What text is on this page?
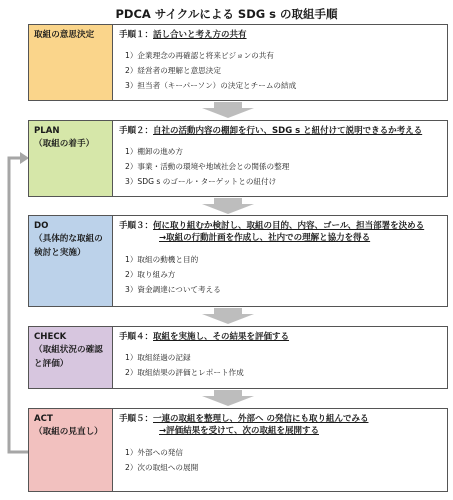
PDCA サイクルによる SDG s の取組手順
取組の意思決定	手順１：話し合いと考え方の共有
1）企業理念の再確認と将来ビジョンの共有
2）経営者の理解と意思決定
3）担当者（キーパーソン）の決定とチームの結成
PLAN
（取組の着手）
手順２：自社の活動内容の棚卸を行い、SDG s と紐付けて説明できるか考える
1）棚卸の進め方
2）事業・活動の環境や地域社会との関係の整理
3）SDG s のゴール・ターゲットとの紐付け
DO
（具体的な取組の
検討と実施）
手順３：何に取り組むか検討し、取組の目的、内容、ゴール、担当部署を決める
→取組の行動計画を作成し、社内での理解と協力を得る
1）取組の動機と目的
2）取り組み方
3）資金調達について考える
CHECK
（取組状況の確認
と評価）
手順４：取組を実施し、その結果を評価する
1）取組経過の記録
2）取組結果の評価とレポート作成
ACT
（取組の見直し）
手順５：一連の取組を整理し、外部へ の発信にも取り組んでみる
→評価結果を受けて、次の取組を展開する
1）外部への発信
2）次の取組への展開
